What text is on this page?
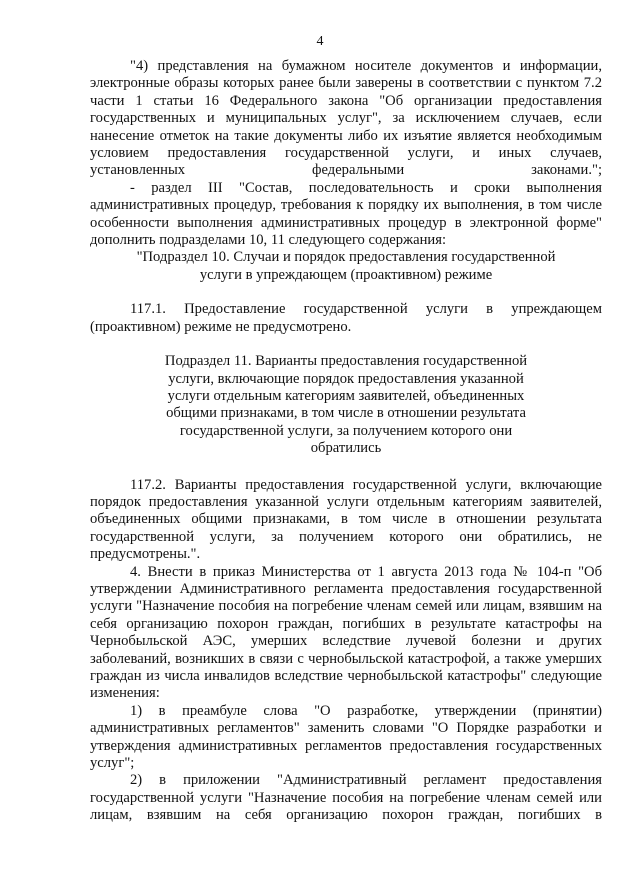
4

"4) представления на бумажном носителе документов и информации, электронные образы которых ранее были заверены в соответствии с пунктом 7.2 части 1 статьи 16 Федерального закона "Об организации предоставления государственных и муниципальных услуг", за исключением случаев, если нанесение отметок на такие документы либо их изъятие является необходимым условием предоставления государственной услуги, и иных случаев, установленных федеральными законами.";

- раздел III "Состав, последовательность и сроки выполнения административных процедур, требования к порядку их выполнения, в том числе особенности выполнения административных процедур в электронной форме" дополнить подразделами 10, 11 следующего содержания:

"Подраздел 10. Случаи и порядок предоставления государственной услуги в упреждающем (проактивном) режиме

117.1. Предоставление государственной услуги в упреждающем (проактивном) режиме не предусмотрено.

Подраздел 11. Варианты предоставления государственной услуги, включающие порядок предоставления указанной услуги отдельным категориям заявителей, объединенных общими признаками, в том числе в отношении результата государственной услуги, за получением которого они обратились

117.2. Варианты предоставления государственной услуги, включающие порядок предоставления указанной услуги отдельным категориям заявителей, объединенных общими признаками, в том числе в отношении результата государственной услуги, за получением которого они обратились, не предусмотрены.".

4. Внести в приказ Министерства от 1 августа 2013 года № 104-п "Об утверждении Административного регламента предоставления государственной услуги "Назначение пособия на погребение членам семей или лицам, взявшим на себя организацию похорон граждан, погибших в результате катастрофы на Чернобыльской АЭС, умерших вследствие лучевой болезни и других заболеваний, возникших в связи с чернобыльской катастрофой, а также умерших граждан из числа инвалидов вследствие чернобыльской катастрофы" следующие изменения:

1) в преамбуле слова "О разработке, утверждении (принятии) административных регламентов" заменить словами "О Порядке разработки и утверждения административных регламентов предоставления государственных услуг";

2) в приложении "Административный регламент предоставления государственной услуги "Назначение пособия на погребение членам семей или лицам, взявшим на себя организацию похорон граждан, погибших в
